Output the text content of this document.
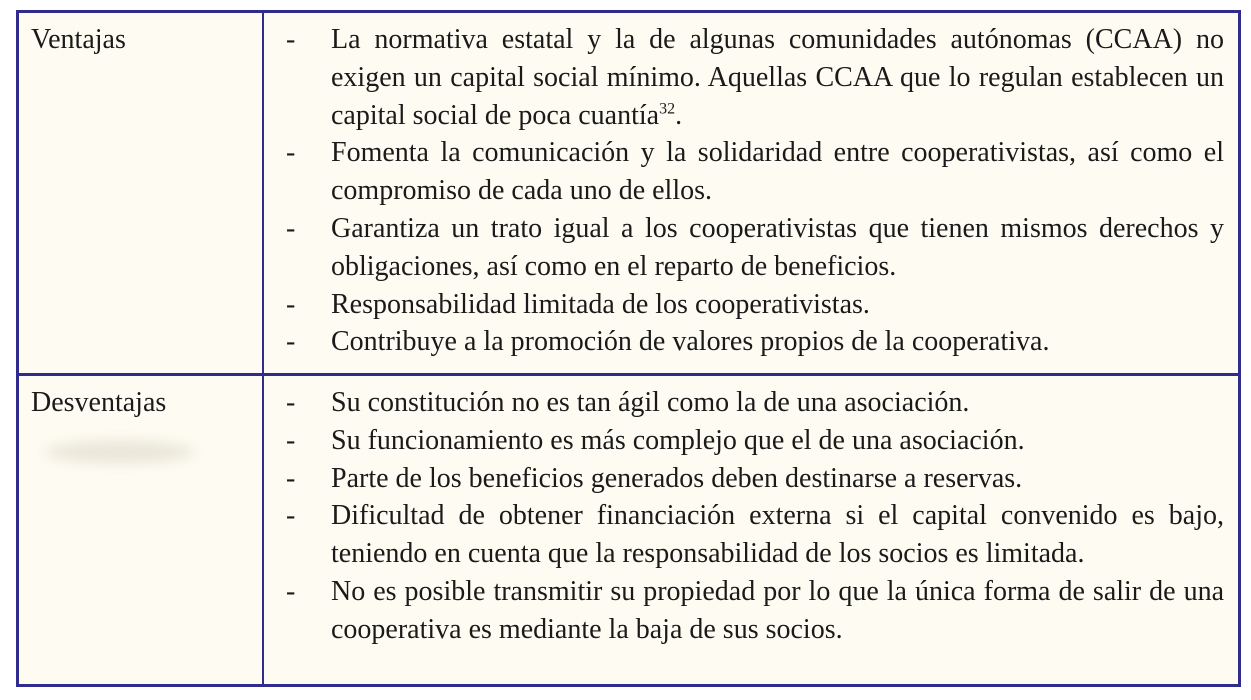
Ventajas	- La normativa estatal y la de algunas comunidades autónomas (CCAA) no exigen un capital social mínimo. Aquellas CCAA que lo regulan establecen un capital social de poca cuantía$^{32}$.
- Fomenta la comunicación y la solidaridad entre cooperativistas, así como el compromiso de cada uno de ellos.
- Garantiza un trato igual a los cooperativistas que tienen mismos derechos y obligaciones, así como en el reparto de beneficios.
- Responsabilidad limitada de los cooperativistas.
- Contribuye a la promoción de valores propios de la cooperativa.
Desventajas	- Su constitución no es tan ágil como la de una asociación.
- Su funcionamiento es más complejo que el de una asociación.
- Parte de los beneficios generados deben destinarse a reservas.
- Dificultad de obtener financiación externa si el capital convenido es bajo, teniendo en cuenta que la responsabilidad de los socios es limitada.
- No es posible transmitir su propiedad por lo que la única forma de salir de una cooperativa es mediante la baja de sus socios.
